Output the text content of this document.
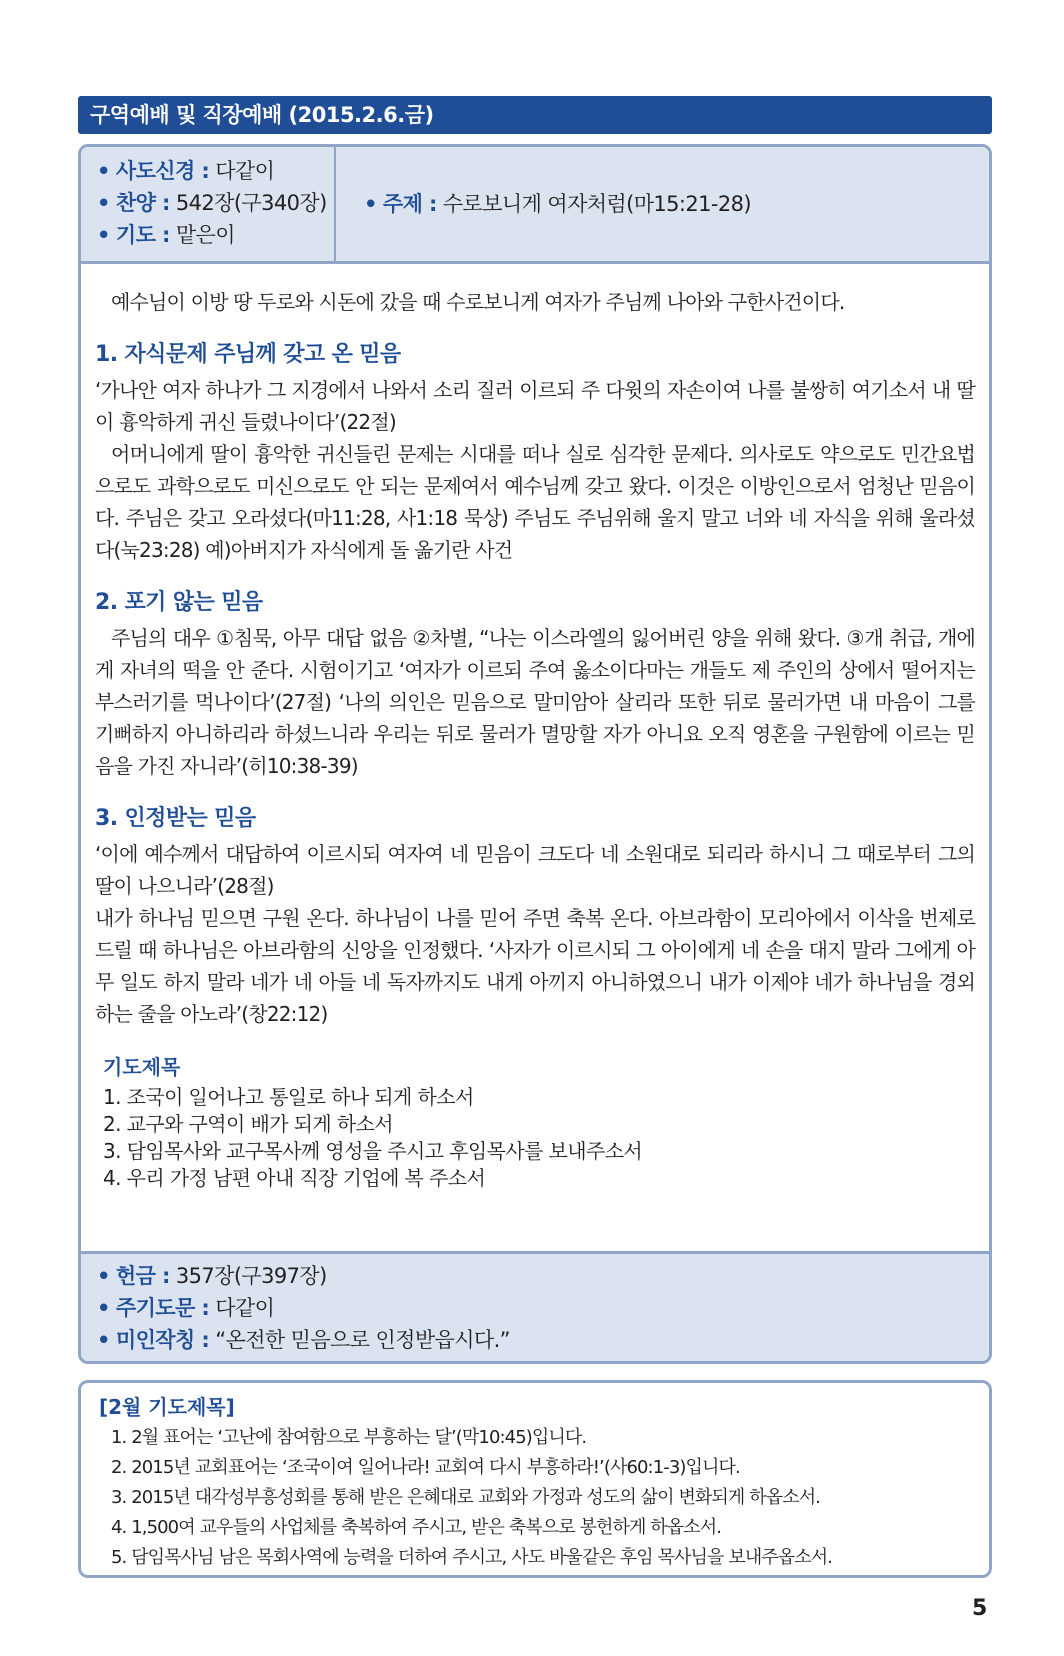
구역예배 및 직장예배 (2015.2.6.금)
• 사도신경 : 다같이
• 찬양 : 542장(구340장)
• 기도 : 맡은이
• 주제 : 수로보니게 여자처럼(마15:21-28)

예수님이 이방 땅 두로와 시돈에 갔을 때 수로보니게 여자가 주님께 나아와 구한사건이다.

1. 자식문제 주님께 갖고 온 믿음

‘가나안 여자 하나가 그 지경에서 나와서 소리 질러 이르되 주 다윗의 자손이여 나를 불쌍히 여기소서 내 딸이 흉악하게 귀신 들렸나이다’(22절)

어머니에게 딸이 흉악한 귀신들린 문제는 시대를 떠나 실로 심각한 문제다. 의사로도 약으로도 민간요법으로도 과학으로도 미신으로도 안 되는 문제여서 예수님께 갖고 왔다. 이것은 이방인으로서 엄청난 믿음이다. 주님은 갖고 오라셨다(마11:28, 사1:18 묵상) 주님도 주님위해 울지 말고 너와 네 자식을 위해 울라셨다(눅23:28) 예)아버지가 자식에게 돌 옮기란 사건

2. 포기 않는 믿음

주님의 대우 ①침묵, 아무 대답 없음 ②차별, “나는 이스라엘의 잃어버린 양을 위해 왔다. ③개 취급, 개에게 자녀의 떡을 안 준다. 시험이기고 ‘여자가 이르되 주여 옳소이다마는 개들도 제 주인의 상에서 떨어지는 부스러기를 먹나이다’(27절) ‘나의 의인은 믿음으로 말미암아 살리라 또한 뒤로 물러가면 내 마음이 그를 기뻐하지 아니하리라 하셨느니라 우리는 뒤로 물러가 멸망할 자가 아니요 오직 영혼을 구원함에 이르는 믿음을 가진 자니라’(히10:38-39)

3. 인정받는 믿음

‘이에 예수께서 대답하여 이르시되 여자여 네 믿음이 크도다 네 소원대로 되리라 하시니 그 때로부터 그의 딸이 나으니라’(28절)

내가 하나님 믿으면 구원 온다. 하나님이 나를 믿어 주면 축복 온다. 아브라함이 모리아에서 이삭을 번제로 드릴 때 하나님은 아브라함의 신앙을 인정했다. ‘사자가 이르시되 그 아이에게 네 손을 대지 말라 그에게 아무 일도 하지 말라 네가 네 아들 네 독자까지도 내게 아끼지 아니하였으니 내가 이제야 네가 하나님을 경외하는 줄을 아노라’(창22:12)

기도제목
1. 조국이 일어나고 통일로 하나 되게 하소서
2. 교구와 구역이 배가 되게 하소서
3. 담임목사와 교구목사께 영성을 주시고 후임목사를 보내주소서
4. 우리 가정 남편 아내 직장 기업에 복 주소서
• 헌금 : 357장(구397장)
• 주기도문 : 다같이
• 미인작칭 : “온전한 믿음으로 인정받읍시다.”
[2월 기도제목]
1. 2월 표어는 ‘고난에 참여함으로 부흥하는 달’(막10:45)입니다.
2. 2015년 교회표어는 ‘조국이여 일어나라! 교회여 다시 부흥하라!’(사60:1-3)입니다.
3. 2015년 대각성부흥성회를 통해 받은 은혜대로 교회와 가정과 성도의 삶이 변화되게 하옵소서.
4. 1,500여 교우들의 사업체를 축복하여 주시고, 받은 축복으로 봉헌하게 하옵소서.
5. 담임목사님 남은 목회사역에 능력을 더하여 주시고, 사도 바울같은 후임 목사님을 보내주옵소서.
5
